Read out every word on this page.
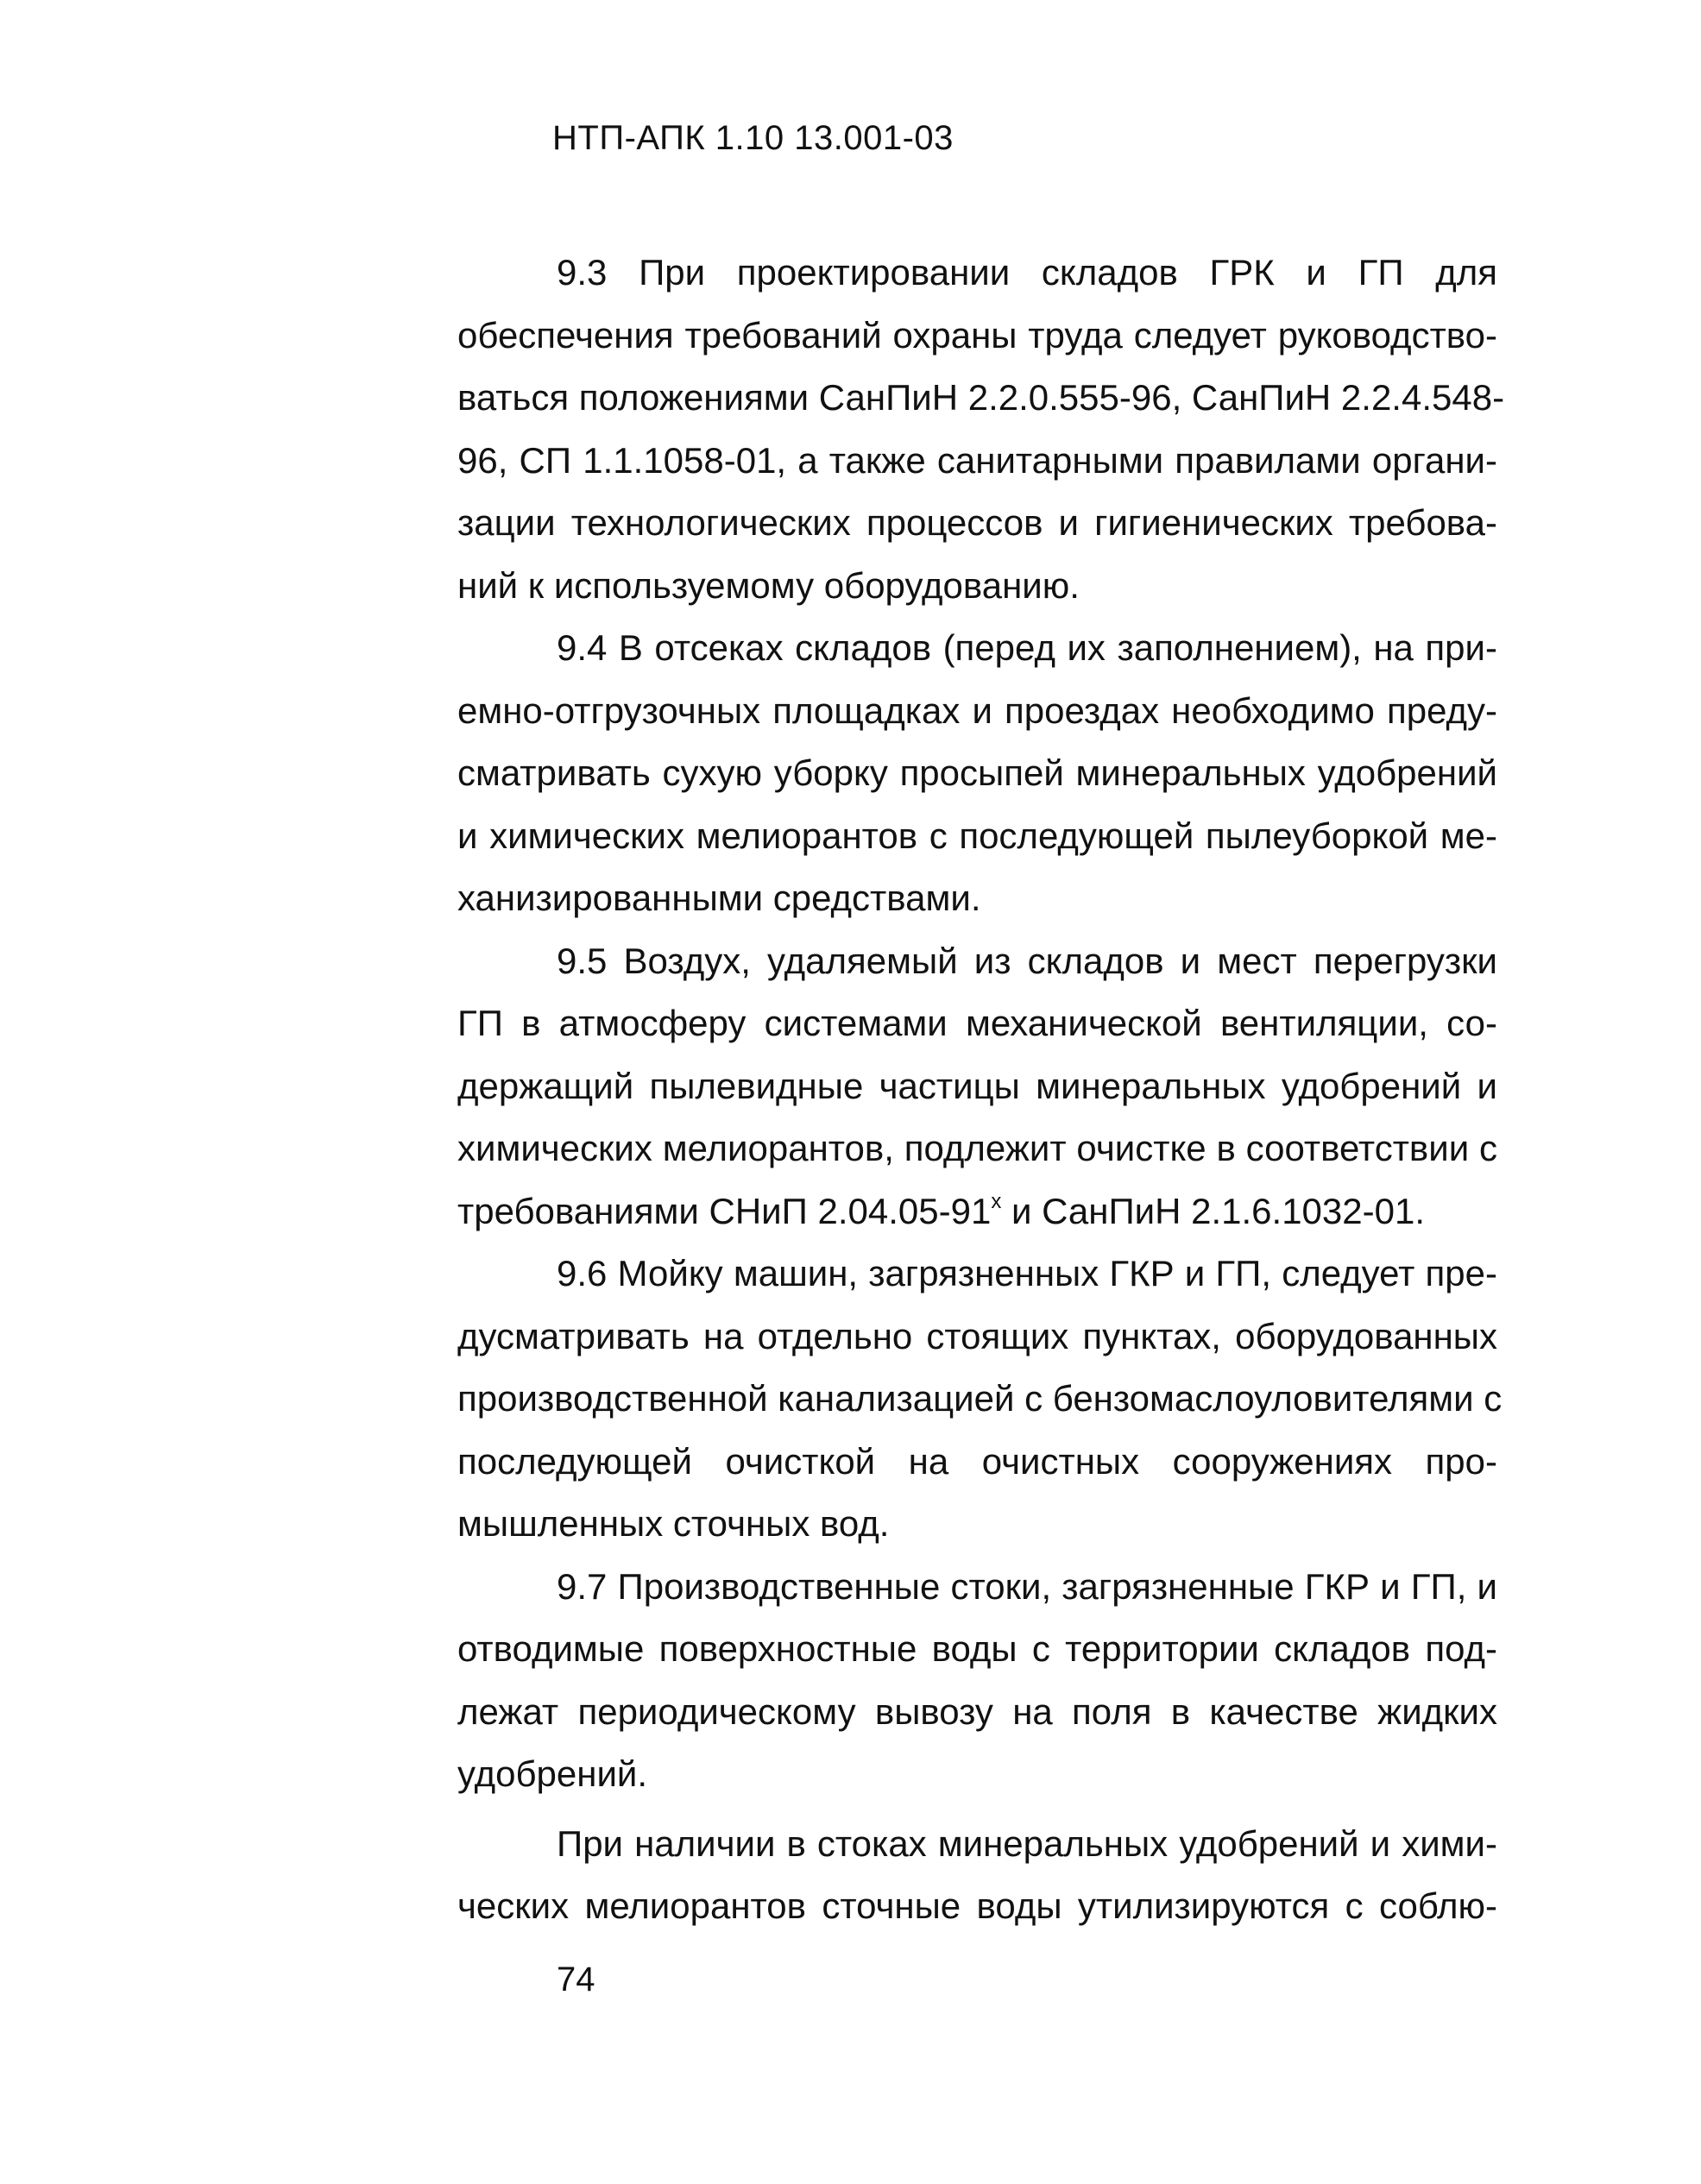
НТП-АПК 1.10 13.001-03

9.3 При проектировании складов ГРК и ГП для
обеспечения требований охраны труда следует руководство-
ваться положениями СанПиН 2.2.0.555-96, СанПиН 2.2.4.548-
96, СП 1.1.1058-01, а также санитарными правилами органи-
зации технологических процессов и гигиенических требова-
ний к используемому оборудованию.

9.4 В отсеках складов (перед их заполнением), на при-
емно-отгрузочных площадках и проездах необходимо преду-
сматривать сухую уборку просыпей минеральных удобрений
и химических мелиорантов с последующей пылеуборкой ме-
ханизированными средствами.

9.5 Воздух, удаляемый из складов и мест перегрузки
ГП в атмосферу системами механической вентиляции, со-
держащий пылевидные частицы минеральных удобрений и
химических мелиорантов, подлежит очистке в соответствии с
требованиями СНиП $2.04.05-91^х$ и СанПиН 2.1.6.1032-01.

9.6 Мойку машин, загрязненных ГКР и ГП, следует пре-
дусматривать на отдельно стоящих пунктах, оборудованных
производственной канализацией с бензомаслоуловителями с
последующей очисткой на очистных сооружениях про-
мышленных сточных вод.

9.7 Производственные стоки, загрязненные ГКР и ГП, и
отводимые поверхностные воды с территории складов под-
лежат периодическому вывозу на поля в качестве жидких
удобрений.

При наличии в стоках минеральных удобрений и хими-
ческих мелиорантов сточные воды утилизируются с соблю-

74
